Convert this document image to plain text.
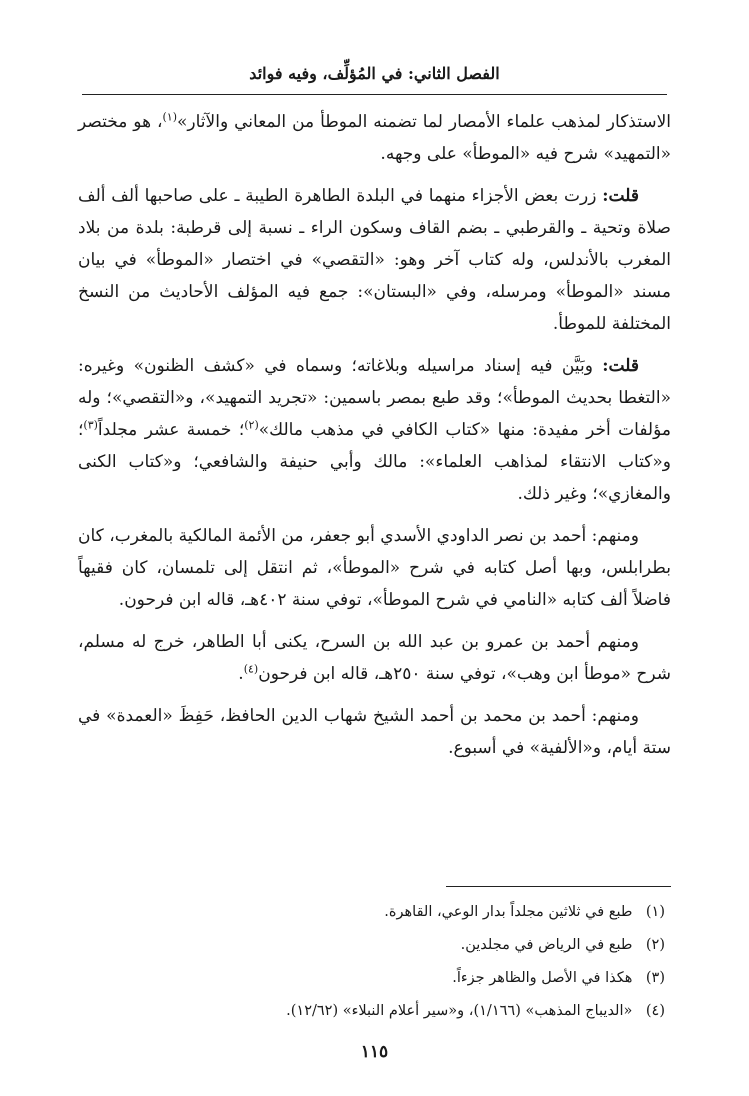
الفصل الثاني: في المُؤلِّف، وفيه فوائد

الاستذكار لمذهب علماء الأمصار لما تضمنه الموطأ من المعاني والآثار»$^{(١)}$، هو مختصر «التمهيد» شرح فيه «الموطأ» على وجهه.

قلت: زرت بعض الأجزاء منهما في البلدة الطاهرة الطيبة ـ على صاحبها ألف ألف صلاة وتحية ـ والقرطبي ـ بضم القاف وسكون الراء ـ نسبة إلى قرطبة: بلدة من بلاد المغرب بالأندلس، وله كتاب آخر وهو: «التقصي» في اختصار «الموطأ» في بيان مسند «الموطأ» ومرسله، وفي «البستان»: جمع فيه المؤلف الأحاديث من النسخ المختلفة للموطأ.

قلت: وبَيَّن فيه إسناد مراسيله وبلاغاته؛ وسماه في «كشف الظنون» وغيره: «التغطا بحديث الموطأ»؛ وقد طبع بمصر باسمين: «تجريد التمهيد»، و«التقصي»؛ وله مؤلفات أخر مفيدة: منها «كتاب الكافي في مذهب مالك»$^{(٢)}$؛ خمسة عشر مجلداً$^{(٣)}$؛ و«كتاب الانتقاء لمذاهب العلماء»: مالك وأبي حنيفة والشافعي؛ و«كتاب الكنى والمغازي»؛ وغير ذلك.

ومنهم: أحمد بن نصر الداودي الأسدي أبو جعفر، من الأئمة المالكية بالمغرب، كان بطرابلس، وبها أصل كتابه في شرح «الموطأ»، ثم انتقل إلى تلمسان، كان فقيهاً فاضلاً ألف كتابه «النامي في شرح الموطأ»، توفي سنة ٤٠٢هـ، قاله ابن فرحون.

ومنهم أحمد بن عمرو بن عبد الله بن السرح، يكنى أبا الطاهر، خرج له مسلم، شرح «موطأ ابن وهب»، توفي سنة ٢٥٠هـ، قاله ابن فرحون$^{(٤)}$.

ومنهم: أحمد بن محمد بن أحمد الشيخ شهاب الدين الحافظ، حَفِظَ «العمدة» في ستة أيام، و«الألفية» في أسبوع.

(١) طبع في ثلاثين مجلداً بدار الوعي، القاهرة.

(٢) طبع في الرياض في مجلدين.

(٣) هكذا في الأصل والظاهر جزءاً.

(٤) «الديباج المذهب» (١/١٦٦)، و«سير أعلام النبلاء» (١٢/٦٢).

١١٥
